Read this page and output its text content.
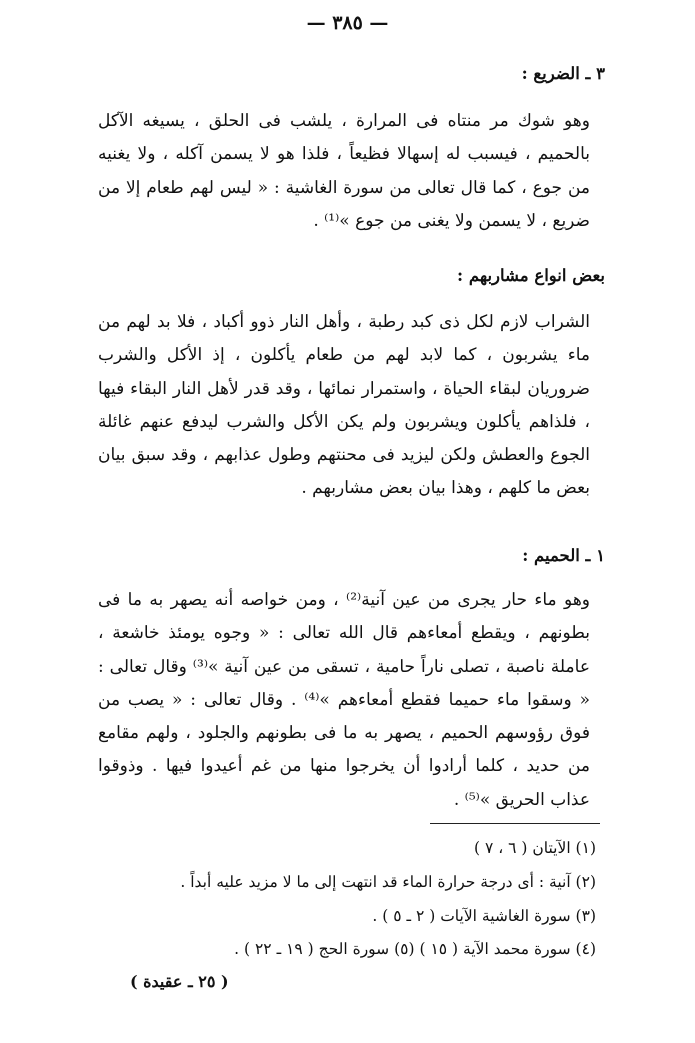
— ٣٨٥ —
٣ ـ الضريع :
وهو شوك مر منتاه فى المرارة ، يلشب فى الحلق ، يسيغه الآكل بالحميم ، فيسبب له إسهالا فظيعاً ، فلذا هو لا يسمن آكله ، ولا يغنيه من جوع ، كما قال تعالى من سورة الغاشية : « ليس لهم طعام إلا من ضريع ، لا يسمن ولا يغنى من جوع »⁽¹⁾ .
بعض انواع مشاربهم :
الشراب لازم لكل ذى كبد رطبة ، وأهل النار ذوو أكباد ، فلا بد لهم من ماء يشربون ، كما لابد لهم من طعام يأكلون ، إذ الأكل والشرب ضروريان لبقاء الحياة ، واستمرار نمائها ، وقد قدر لأهل النار البقاء فيها ، فلذاهم يأكلون ويشربون ولم يكن الأكل والشرب ليدفع عنهم غائلة الجوع والعطش ولكن ليزيد فى محنتهم وطول عذابهم ، وقد سبق بيان بعض ما كلهم ، وهذا بيان بعض مشاربهم .
١ ـ الحميم :
وهو ماء حار يجرى من عين آنية⁽²⁾ ، ومن خواصه أنه يصهر به ما فى بطونهم ، ويقطع أمعاءهم قال الله تعالى : « وجوه يومئذ خاشعة ، عاملة ناصبة ، تصلى ناراً حامية ، تسقى من عين آنية »⁽³⁾ وقال تعالى : « وسقوا ماء حميما فقطع أمعاءهم »⁽⁴⁾ . وقال تعالى : « يصب من فوق رؤوسهم الحميم ، يصهر به ما فى بطونهم والجلود ، ولهم مقامع من حديد ، كلما أرادوا أن يخرجوا منها من غم أعيدوا فيها . وذوقوا عذاب الحريق »⁽⁵⁾ .
(١) الآيتان ( ٦ ، ٧ )
(٢) آنية : أى درجة حرارة الماء قد انتهت إلى ما لا مزيد عليه أبداً .
(٣) سورة الغاشية الآيات ( ٢ ـ ٥ ) .
(٤) سورة محمد الآية ( ١٥ ) (٥) سورة الحج ( ١٩ ـ ٢٢ ) .
( ٢٥ ـ عقيدة )
